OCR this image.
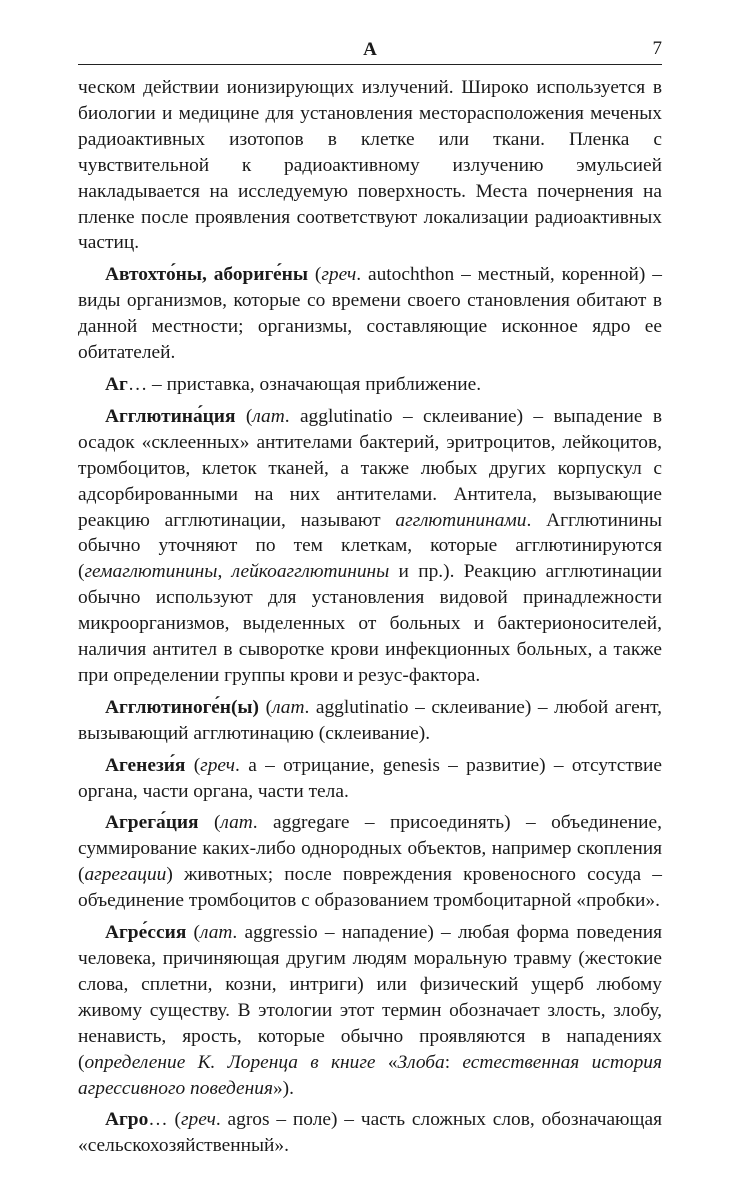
А	7

ческом действии ионизирующих излучений. Широко используется в биологии и медицине для установления месторасположения меченых радиоактивных изотопов в клетке или ткани. Пленка с чувствительной к радиоактивному излучению эмульсией накладывается на исследуемую поверхность. Места почернения на пленке после проявления соответствуют локализации радиоактивных частиц.

Автохто́ны, абориге́ны (греч. autochthon – местный, коренной) – виды организмов, которые со времени своего становления обитают в данной местности; организмы, составляющие исконное ядро ее обитателей.

Аг… – приставка, означающая приближение.

Агглютина́ция (лат. agglutinatio – склеивание) – выпадение в осадок «склеенных» антителами бактерий, эритроцитов, лейкоцитов, тромбоцитов, клеток тканей, а также любых других корпускул с адсорбированными на них антителами. Антитела, вызывающие реакцию агглютинации, называют агглютининами. Агглютинины обычно уточняют по тем клеткам, которые агглютинируются (гемаглютинины, лейкоагглютинины и пр.). Реакцию агглютинации обычно используют для установления видовой принадлежности микроорганизмов, выделенных от больных и бактерионосителей, наличия антител в сыворотке крови инфекционных больных, а также при определении группы крови и резус-фактора.

Агглютиноге́н(ы) (лат. agglutinatio – склеивание) – любой агент, вызывающий агглютинацию (склеивание).

Агенези́я (греч. a – отрицание, genesis – развитие) – отсутствие органа, части органа, части тела.

Агрега́ция (лат. aggregare – присоединять) – объединение, суммирование каких-либо однородных объектов, например скопления (агрегации) животных; после повреждения кровеносного сосуда – объединение тромбоцитов с образованием тромбоцитарной «пробки».

Агре́ссия (лат. aggressio – нападение) – любая форма поведения человека, причиняющая другим людям моральную травму (жестокие слова, сплетни, козни, интриги) или физический ущерб любому живому существу. В этологии этот термин обозначает злость, злобу, ненависть, ярость, которые обычно проявляются в нападениях (определение К. Лоренца в книге «Злоба: естественная история агрессивного поведения»).

Агро… (греч. agros – поле) – часть сложных слов, обозначающая «сельскохозяйственный».
